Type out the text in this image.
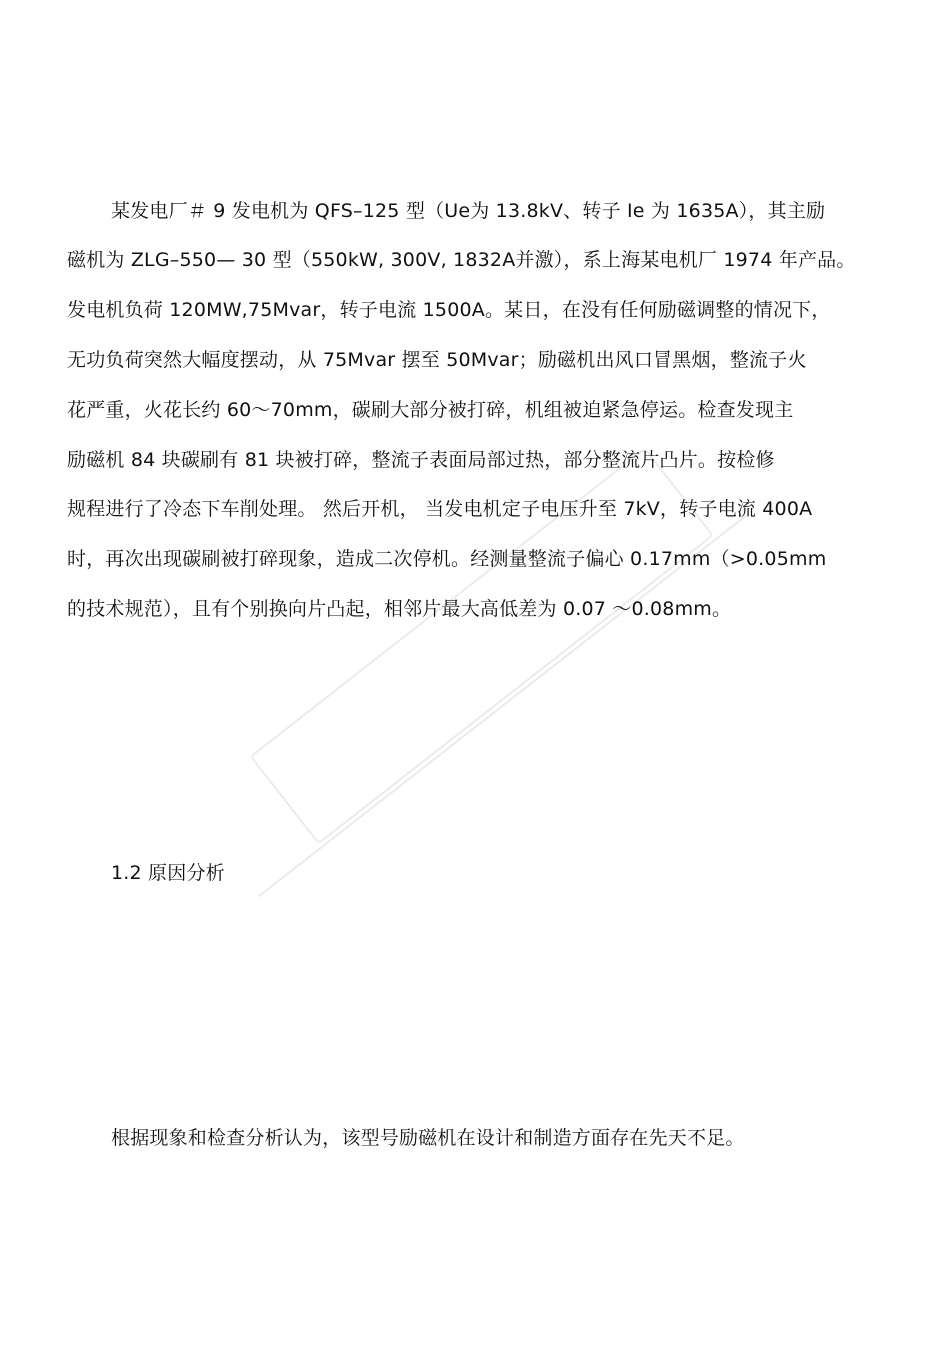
某发电厂＃ 9 发电机为 QFS–125 型（Ue为 13.8kV、转子 Ie 为 1635A），其主励
磁机为 ZLG–550— 30 型（550kW, 300V, 1832A并激），系上海某电机厂 1974 年产品。
发电机负荷 120MW,75Mvar，转子电流 1500A。某日，在没有任何励磁调整的情况下，
无功负荷突然大幅度摆动，从 75Mvar 摆至 50Mvar；励磁机出风口冒黑烟，整流子火
花严重，火花长约 60～70mm，碳刷大部分被打碎，机组被迫紧急停运。检查发现主
励磁机 84 块碳刷有 81 块被打碎，整流子表面局部过热，部分整流片凸片。按检修
规程进行了冷态下车削处理。 然后开机， 当发电机定子电压升至 7kV，转子电流 400A
时，再次出现碳刷被打碎现象，造成二次停机。经测量整流子偏心 0.17mm（>0.05mm
的技术规范），且有个别换向片凸起，相邻片最大高低差为 0.07 ～0.08mm。
1.2 原因分析
根据现象和检查分析认为，该型号励磁机在设计和制造方面存在先天不足。
